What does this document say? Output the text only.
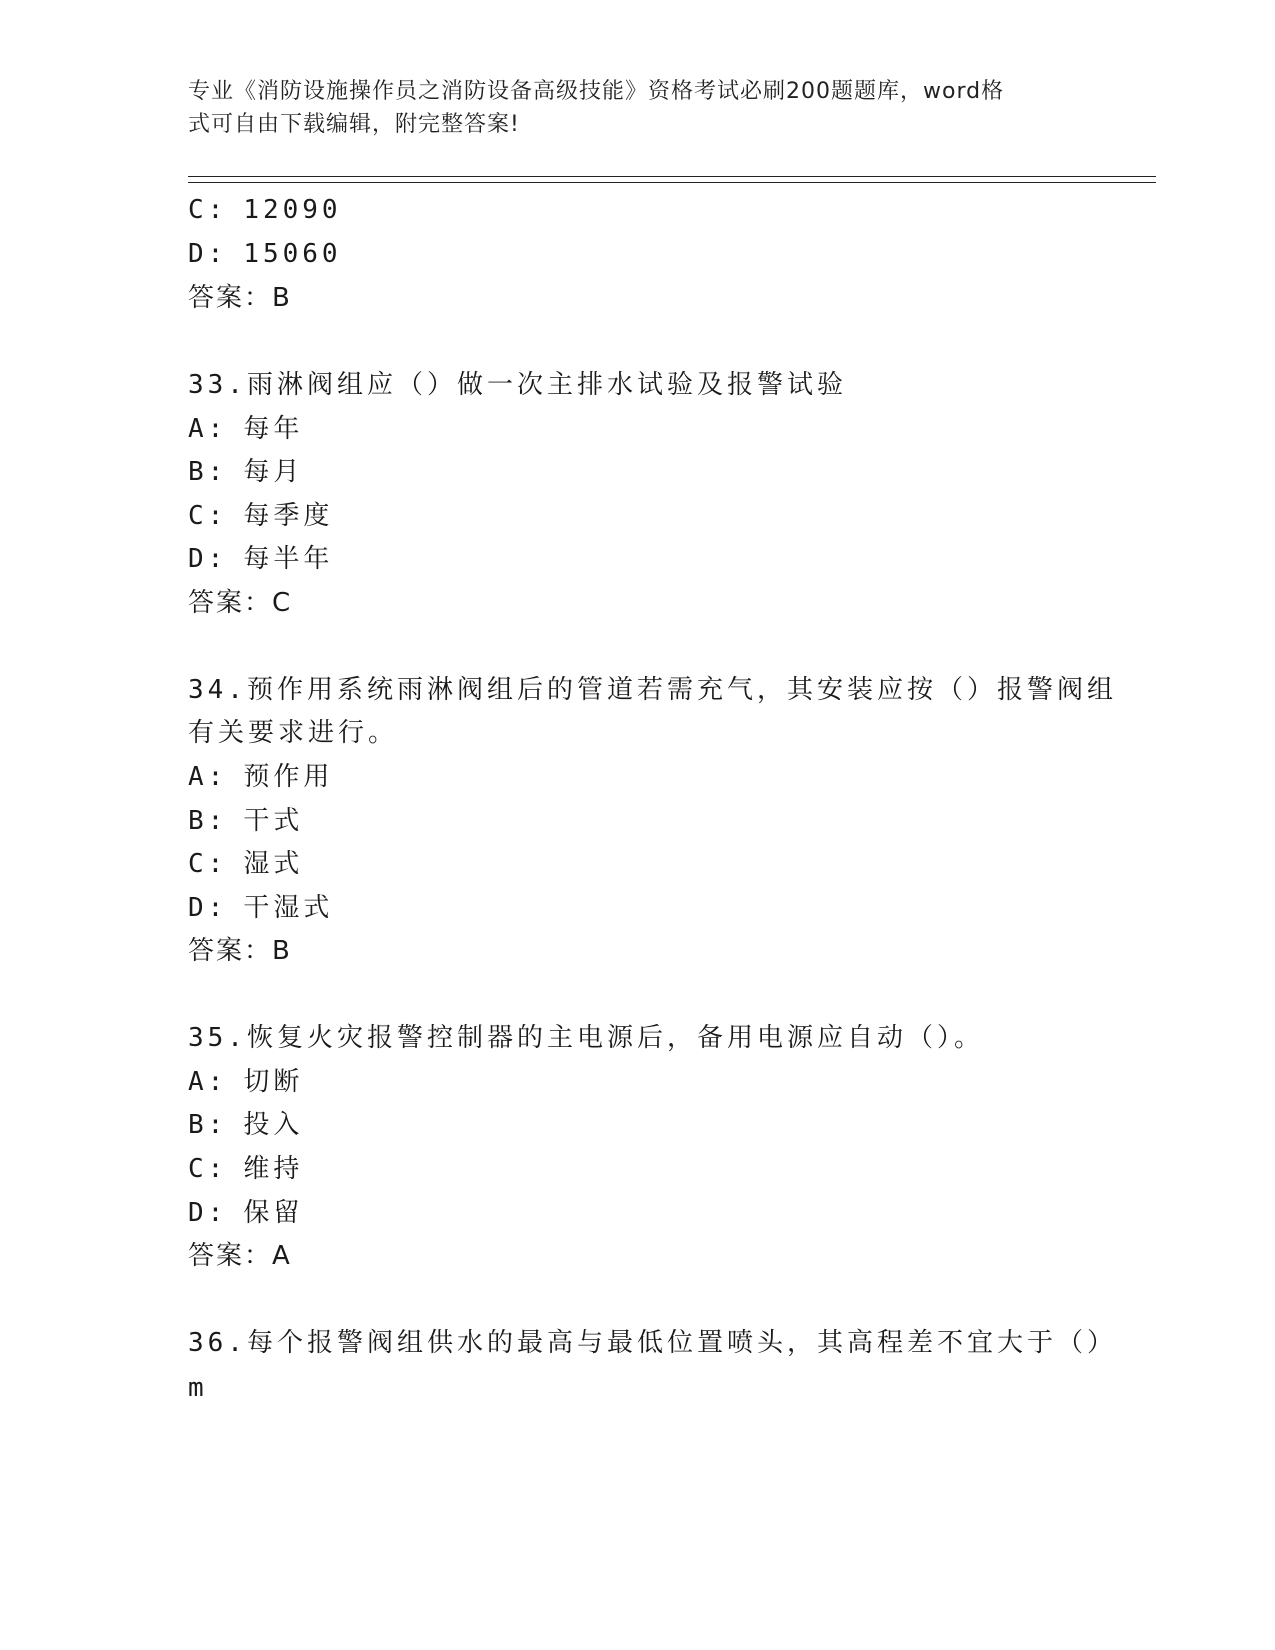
专业《消防设施操作员之消防设备高级技能》资格考试必刷200题题库，word格
式可自由下载编辑，附完整答案!
C: 12090
D: 15060
答案：B
33.雨淋阀组应（）做一次主排水试验及报警试验
A: 每年
B: 每月
C: 每季度
D: 每半年
答案：C
34.预作用系统雨淋阀组后的管道若需充气，其安装应按（）报警阀组
有关要求进行。
A: 预作用
B: 干式
C: 湿式
D: 干湿式
答案：B
35.恢复火灾报警控制器的主电源后，备用电源应自动（）。
A: 切断
B: 投入
C: 维持
D: 保留
答案：A
36.每个报警阀组供水的最高与最低位置喷头，其高程差不宜大于（）
m
